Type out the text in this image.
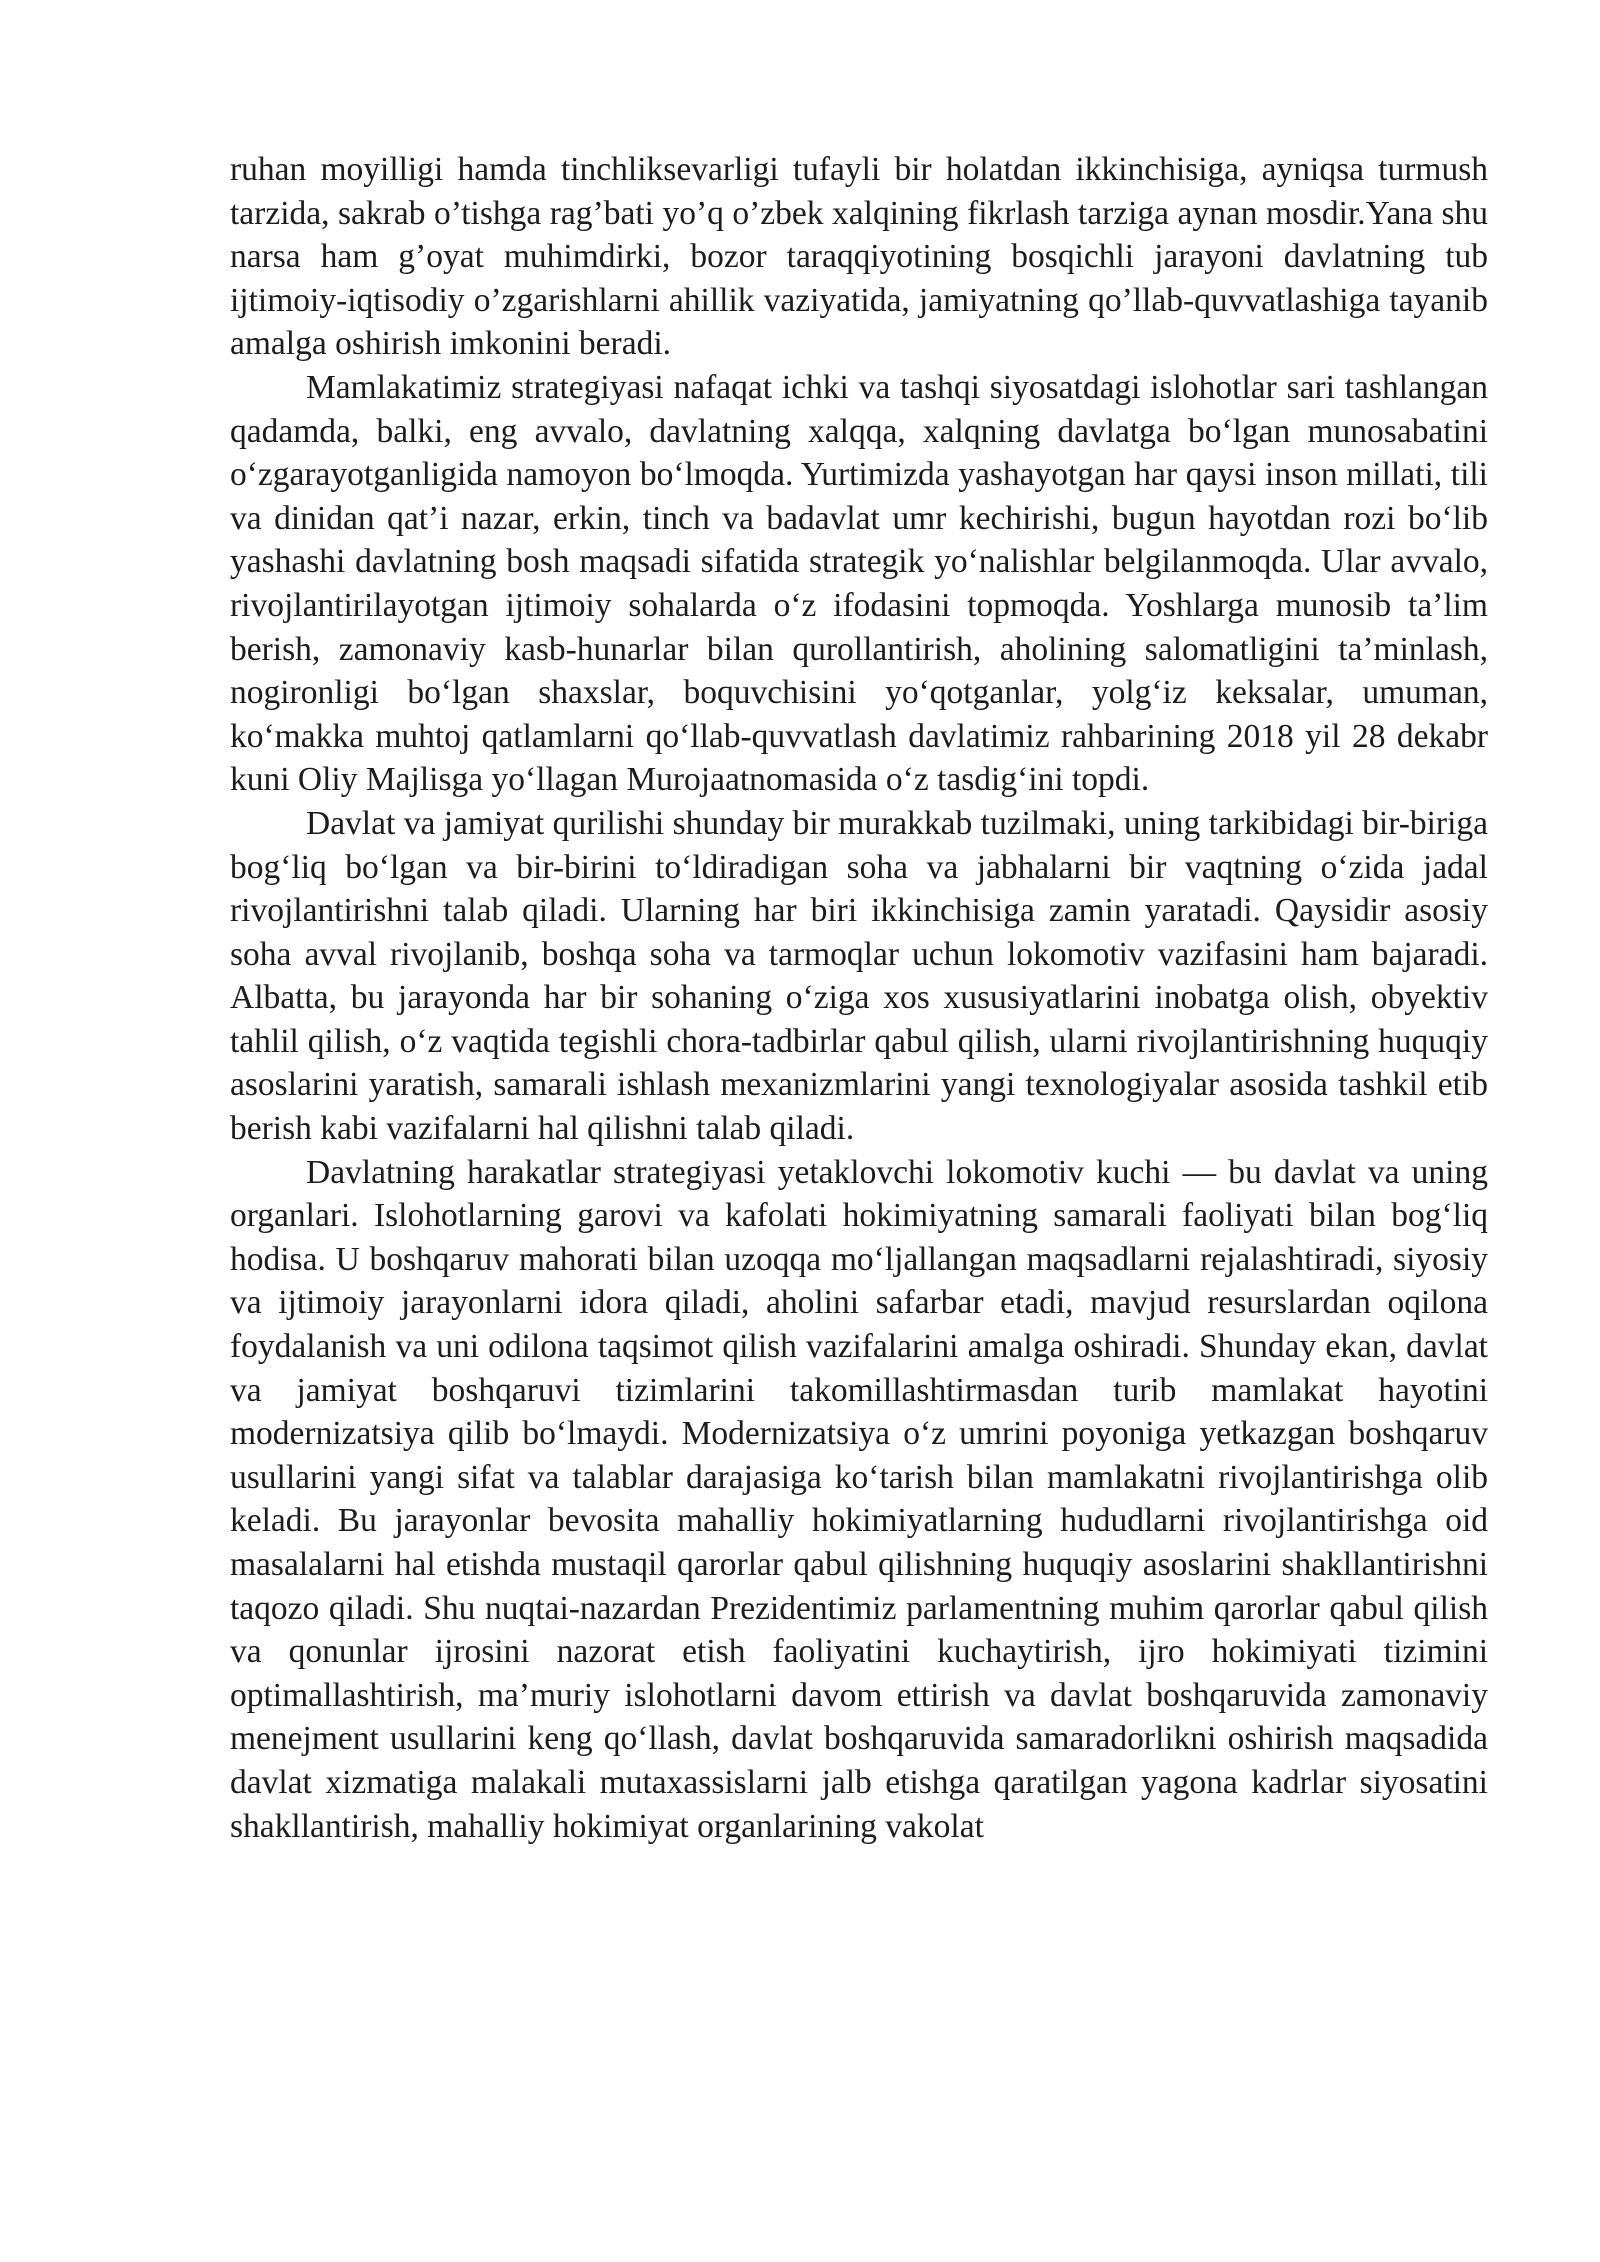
ruhan moyilligi hamda tinchliksevarligi tufayli bir holatdan ikkinchisiga, ayniqsa turmush tarzida, sakrab o’tishga rag’bati yo’q o’zbek xalqining fikrlash tarziga aynan mosdir.Yana shu narsa ham g’oyat muhimdirki, bozor taraqqiyotining bosqichli jarayoni davlatning tub ijtimoiy-iqtisodiy o’zgarishlarni ahillik vaziyatida, jamiyatning qo’llab-quvvatlashiga tayanib amalga oshirish imkonini beradi.

Mamlakatimiz strategiyasi nafaqat ichki va tashqi siyosatdagi islohotlar sari tashlangan qadamda, balki, eng avvalo, davlatning xalqqa, xalqning davlatga bo‘lgan munosabatini o‘zgarayotganligida namoyon bo‘lmoqda. Yurtimizda yashayotgan har qaysi inson millati, tili va dinidan qat’i nazar, erkin, tinch va badavlat umr kechirishi, bugun hayotdan rozi bo‘lib yashashi davlatning bosh maqsadi sifatida strategik yo‘nalishlar belgilanmoqda. Ular avvalo, rivojlantirilayotgan ijtimoiy sohalarda o‘z ifodasini topmoqda. Yoshlarga munosib ta’lim berish, zamonaviy kasb-hunarlar bilan qurollantirish, aholining salomatligini ta’minlash, nogironligi bo‘lgan shaxslar, boquvchisini yo‘qotganlar, yolg‘iz keksalar, umuman, ko‘makka muhtoj qatlamlarni qo‘llab-quvvatlash davlatimiz rahbarining 2018 yil 28 dekabr kuni Oliy Majlisga yo‘llagan Murojaatnomasida o‘z tasdig‘ini topdi.

Davlat va jamiyat qurilishi shunday bir murakkab tuzilmaki, uning tarkibidagi bir-biriga bog‘liq bo‘lgan va bir-birini to‘ldiradigan soha va jabhalarni bir vaqtning o‘zida jadal rivojlantirishni talab qiladi. Ularning har biri ikkinchisiga zamin yaratadi. Qaysidir asosiy soha avval rivojlanib, boshqa soha va tarmoqlar uchun lokomotiv vazifasini ham bajaradi. Albatta, bu jarayonda har bir sohaning o‘ziga xos xususiyatlarini inobatga olish, obyektiv tahlil qilish, o‘z vaqtida tegishli chora-tadbirlar qabul qilish, ularni rivojlantirishning huquqiy asoslarini yaratish, samarali ishlash mexanizmlarini yangi texnologiyalar asosida tashkil etib berish kabi vazifalarni hal qilishni talab qiladi.

Davlatning harakatlar strategiyasi yetaklovchi lokomotiv kuchi — bu davlat va uning organlari. Islohotlarning garovi va kafolati hokimiyatning samarali faoliyati bilan bog‘liq hodisa. U boshqaruv mahorati bilan uzoqqa mo‘ljallangan maqsadlarni rejalashtiradi, siyosiy va ijtimoiy jarayonlarni idora qiladi, aholini safarbar etadi, mavjud resurslardan oqilona foydalanish va uni odilona taqsimot qilish vazifalarini amalga oshiradi. Shunday ekan, davlat va jamiyat boshqaruvi tizimlarini takomillashtirmasdan turib mamlakat hayotini modernizatsiya qilib bo‘lmaydi. Modernizatsiya o‘z umrini poyoniga yetkazgan boshqaruv usullarini yangi sifat va talablar darajasiga ko‘tarish bilan mamlakatni rivojlantirishga olib keladi. Bu jarayonlar bevosita mahalliy hokimiyatlarning hududlarni rivojlantirishga oid masalalarni hal etishda mustaqil qarorlar qabul qilishning huquqiy asoslarini shakllantirishni taqozo qiladi. Shu nuqtai-nazardan Prezidentimiz parlamentning muhim qarorlar qabul qilish va qonunlar ijrosini nazorat etish faoliyatini kuchaytirish, ijro hokimiyati tizimini optimallashtirish, ma’muriy islohotlarni davom ettirish va davlat boshqaruvida zamonaviy menejment usullarini keng qo‘llash, davlat boshqaruvida samaradorlikni oshirish maqsadida davlat xizmatiga malakali mutaxassislarni jalb etishga qaratilgan yagona kadrlar siyosatini shakllantirish, mahalliy hokimiyat organlarining vakolat
